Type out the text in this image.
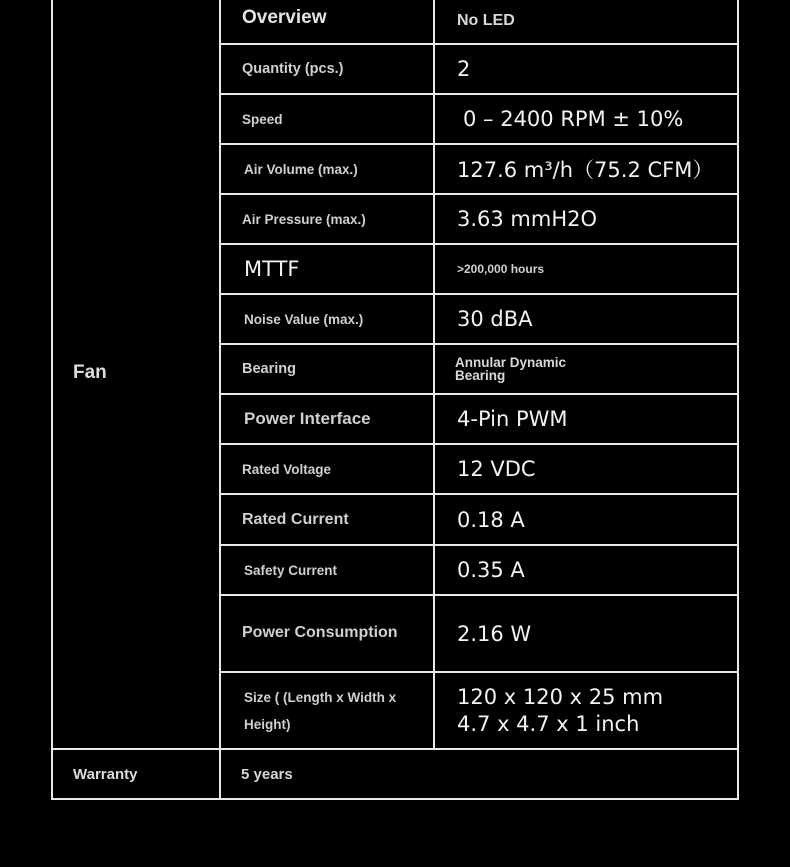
Fan	Overview	No LED
	Quantity (pcs.)	2
	Speed	0 – 2400 RPM ± 10%
	Air Volume (max.)	127.6 m³/h（75.2 CFM）
	Air Pressure (max.)	3.63 mmH2O
	MTTF	>200,000 hours
	Noise Value (max.)	30 dBA
	Bearing	Annular Dynamic Bearing
	Power Interface	4-Pin PWM
	Rated Voltage	12 VDC
	Rated Current	0.18 A
	Safety Current	0.35 A
	Power Consumption	2.16 W
	Size ( (Length x Width x Height)	120 x 120 x 25 mm
4.7 x 4.7 x 1 inch

Warranty	5 years	
